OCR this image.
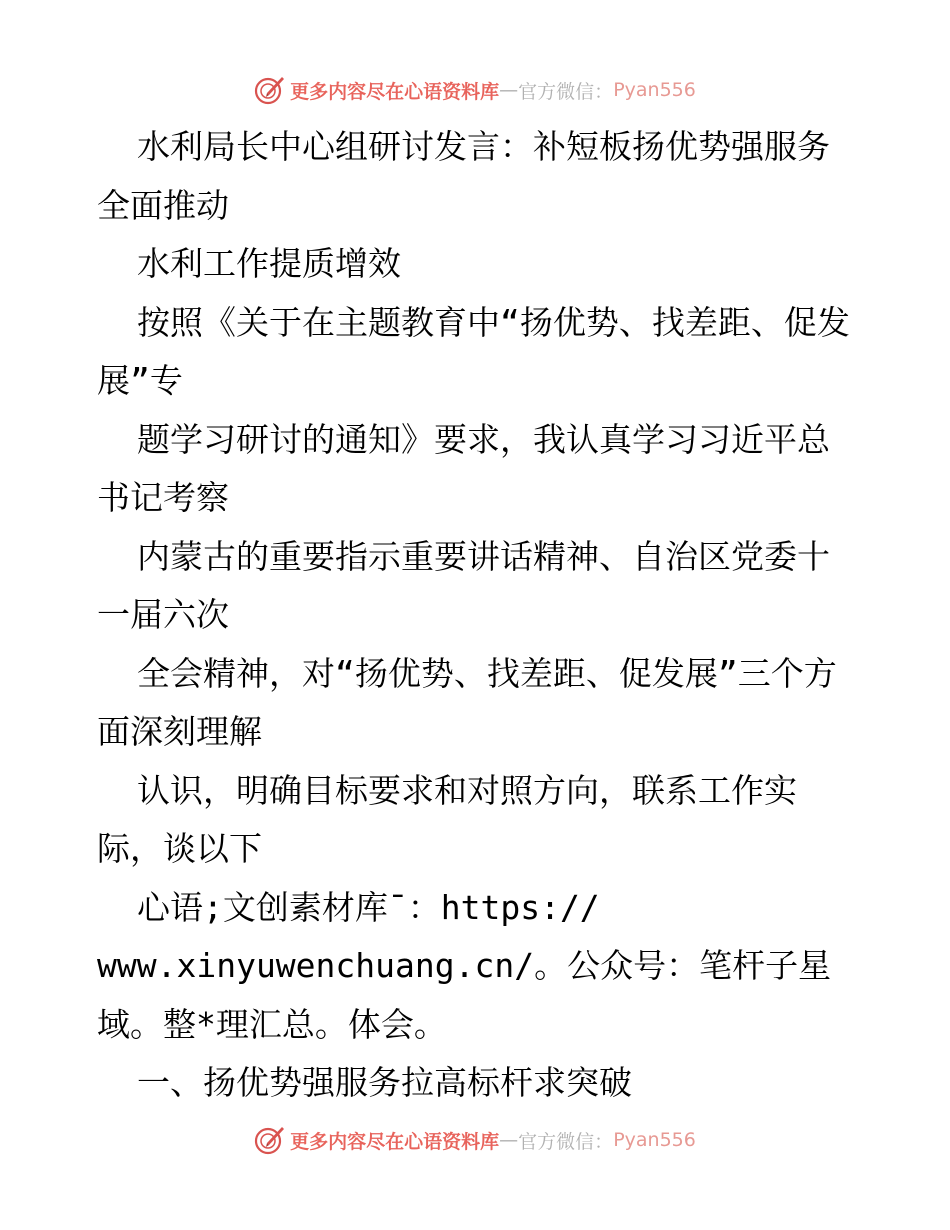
更多内容尽在心语资料库 — 官方微信： Pyan556

水利局长中心组研讨发言：补短板扬优势强服务全面推动

水利工作提质增效

按照《关于在主题教育中“扬优势、找差距、促发展”专

题学习研讨的通知》要求，我认真学习习近平总书记考察

内蒙古的重要指示重要讲话精神、自治区党委十一届六次

全会精神，对“扬优势、找差距、促发展”三个方面深刻理解

认识，明确目标要求和对照方向，联系工作实际，谈以下

心语;文创素材库¯：https://
www.xinyuwenchuang.cn/。公众号：笔杆子星域。整*理汇总。体会。

一、扬优势强服务拉高标杆求突破

更多内容尽在心语资料库 — 官方微信： Pyan556
